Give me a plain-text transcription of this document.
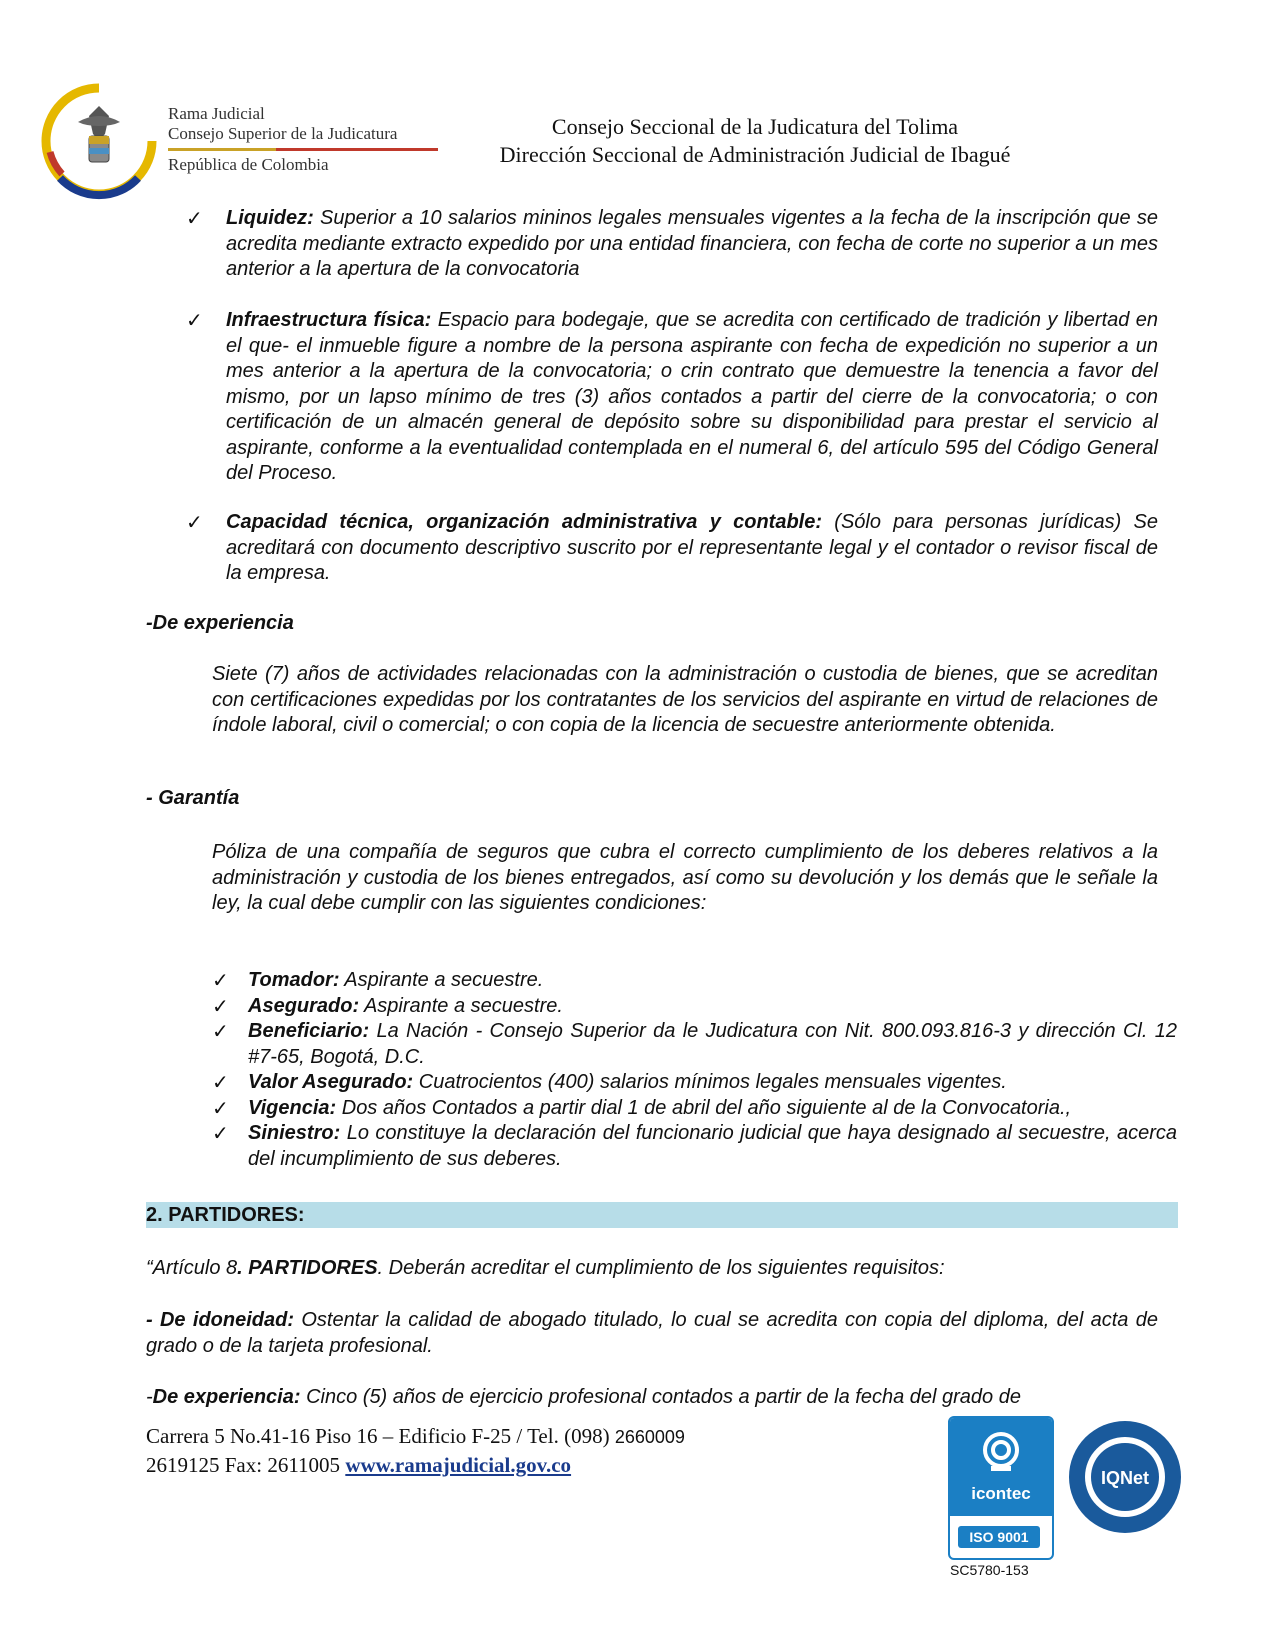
Rama Judicial
Consejo Superior de la Judicatura
República de Colombia
Consejo Seccional de la Judicatura del Tolima
Dirección Seccional de Administración Judicial de Ibagué
✓ Liquidez: Superior a 10 salarios mininos legales mensuales vigentes a la fecha de la inscripción que se acredita mediante extracto expedido por una entidad financiera, con fecha de corte no superior a un mes anterior a la apertura de la convocatoria
✓ Infraestructura física: Espacio para bodegaje, que se acredita con certificado de tradición y libertad en el que- el inmueble figure a nombre de la persona aspirante con fecha de expedición no superior a un mes anterior a la apertura de la convocatoria; o crin contrato que demuestre la tenencia a favor del mismo, por un lapso mínimo de tres (3) años contados a partir del cierre de la convocatoria; o con certificación de un almacén general de depósito sobre su disponibilidad para prestar el servicio al aspirante, conforme a la eventualidad contemplada en el numeral 6, del artículo 595 del Código General del Proceso.
✓ Capacidad técnica, organización administrativa y contable: (Sólo para personas jurídicas) Se acreditará con documento descriptivo suscrito por el representante legal y el contador o revisor fiscal de la empresa.
-De experiencia
Siete (7) años de actividades relacionadas con la administración o custodia de bienes, que se acreditan con certificaciones expedidas por los contratantes de los servicios del aspirante en virtud de relaciones de índole laboral, civil o comercial; o con copia de la licencia de secuestre anteriormente obtenida.
- Garantía
Póliza de una compañía de seguros que cubra el correcto cumplimiento de los deberes relativos a la administración y custodia de los bienes entregados, así como su devolución y los demás que le señale la ley, la cual debe cumplir con las siguientes condiciones:
✓ Tomador: Aspirante a secuestre.
✓ Asegurado: Aspirante a secuestre.
✓ Beneficiario: La Nación - Consejo Superior da le Judicatura con Nit. 800.093.816-3 y dirección Cl. 12 #7-65, Bogotá, D.C.
✓ Valor Asegurado: Cuatrocientos (400) salarios mínimos legales mensuales vigentes.
✓ Vigencia: Dos años Contados a partir dial 1 de abril del año siguiente al de la Convocatoria.,
✓ Siniestro: Lo constituye la declaración del funcionario judicial que haya designado al secuestre, acerca del incumplimiento de sus deberes.
2. PARTIDORES:
“Artículo 8. PARTIDORES. Deberán acreditar el cumplimiento de los siguientes requisitos:
- De idoneidad: Ostentar la calidad de abogado titulado, lo cual se acredita con copia del diploma, del acta de grado o de la tarjeta profesional.
-De experiencia: Cinco (5) años de ejercicio profesional contados a partir de la fecha del grado de
Carrera 5 No.41-16 Piso 16 – Edificio F-25 / Tel. (098) 2660009
2619125 Fax: 2611005 www.ramajudicial.gov.co
icontec
ISO 9001
IQNet
SC5780-153
